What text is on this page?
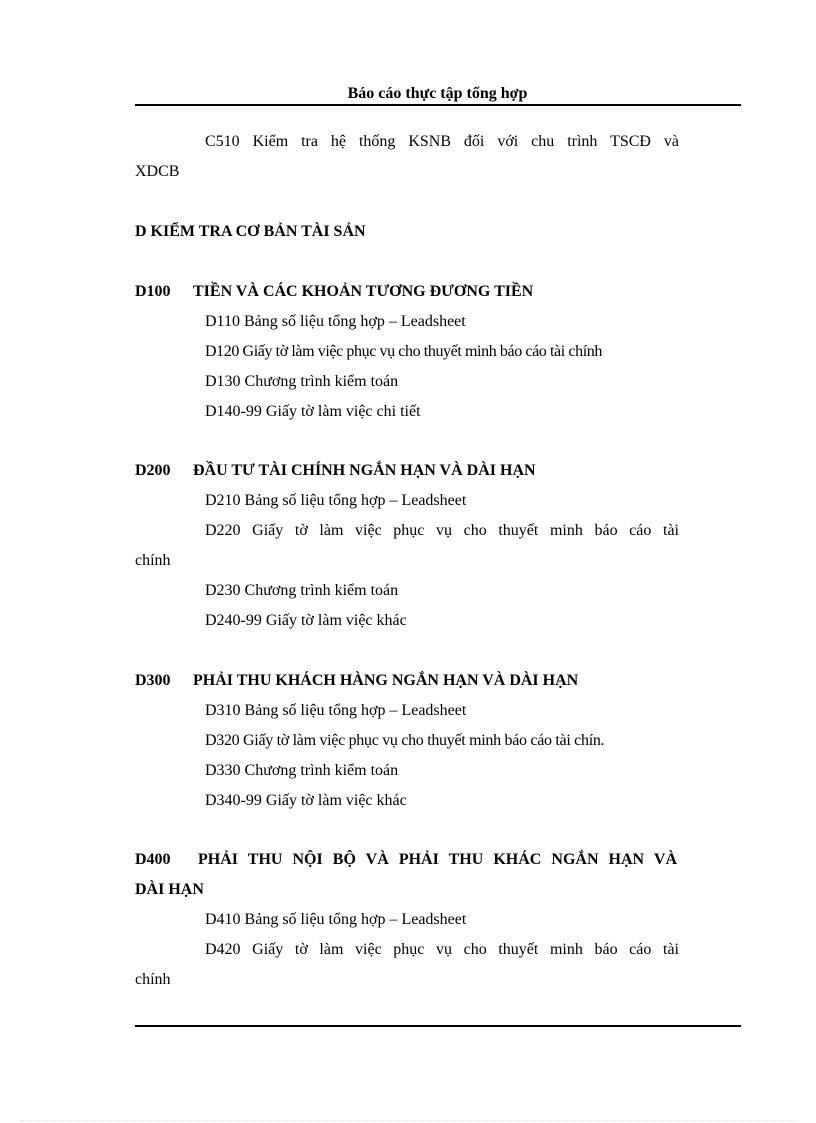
Báo cáo thực tập tổng hợp
C510 Kiểm tra hệ thống KSNB đối với chu trình TSCĐ và
XDCB
D KIỂM TRA CƠ BẢN TÀI SẢN
D100 TIỀN VÀ CÁC KHOẢN TƯƠNG ĐƯƠNG TIỀN
D110 Bảng số liệu tổng hợp – Leadsheet
D120 Giấy tờ làm việc phục vụ cho thuyết minh báo cáo tài chính
D130 Chương trình kiểm toán
D140-99 Giấy tờ làm việc chi tiết
D200 ĐẦU TƯ TÀI CHÍNH NGẮN HẠN VÀ DÀI HẠN
D210 Bảng số liệu tổng hợp – Leadsheet
D220 Giấy tờ làm việc phục vụ cho thuyết minh báo cáo tài
chính
D230 Chương trình kiểm toán
D240-99 Giấy tờ làm việc khác
D300 PHẢI THU KHÁCH HÀNG NGẮN HẠN VÀ DÀI HẠN
D310 Bảng số liệu tổng hợp – Leadsheet
D320 Giấy tờ làm việc phục vụ cho thuyết minh báo cáo tài chín.
D330 Chương trình kiểm toán
D340-99 Giấy tờ làm việc khác
D400 PHẢI THU NỘI BỘ VÀ PHẢI THU KHÁC NGẮN HẠN VÀ
DÀI HẠN
D410 Bảng số liệu tổng hợp – Leadsheet
D420 Giấy tờ làm việc phục vụ cho thuyết minh báo cáo tài
chính
